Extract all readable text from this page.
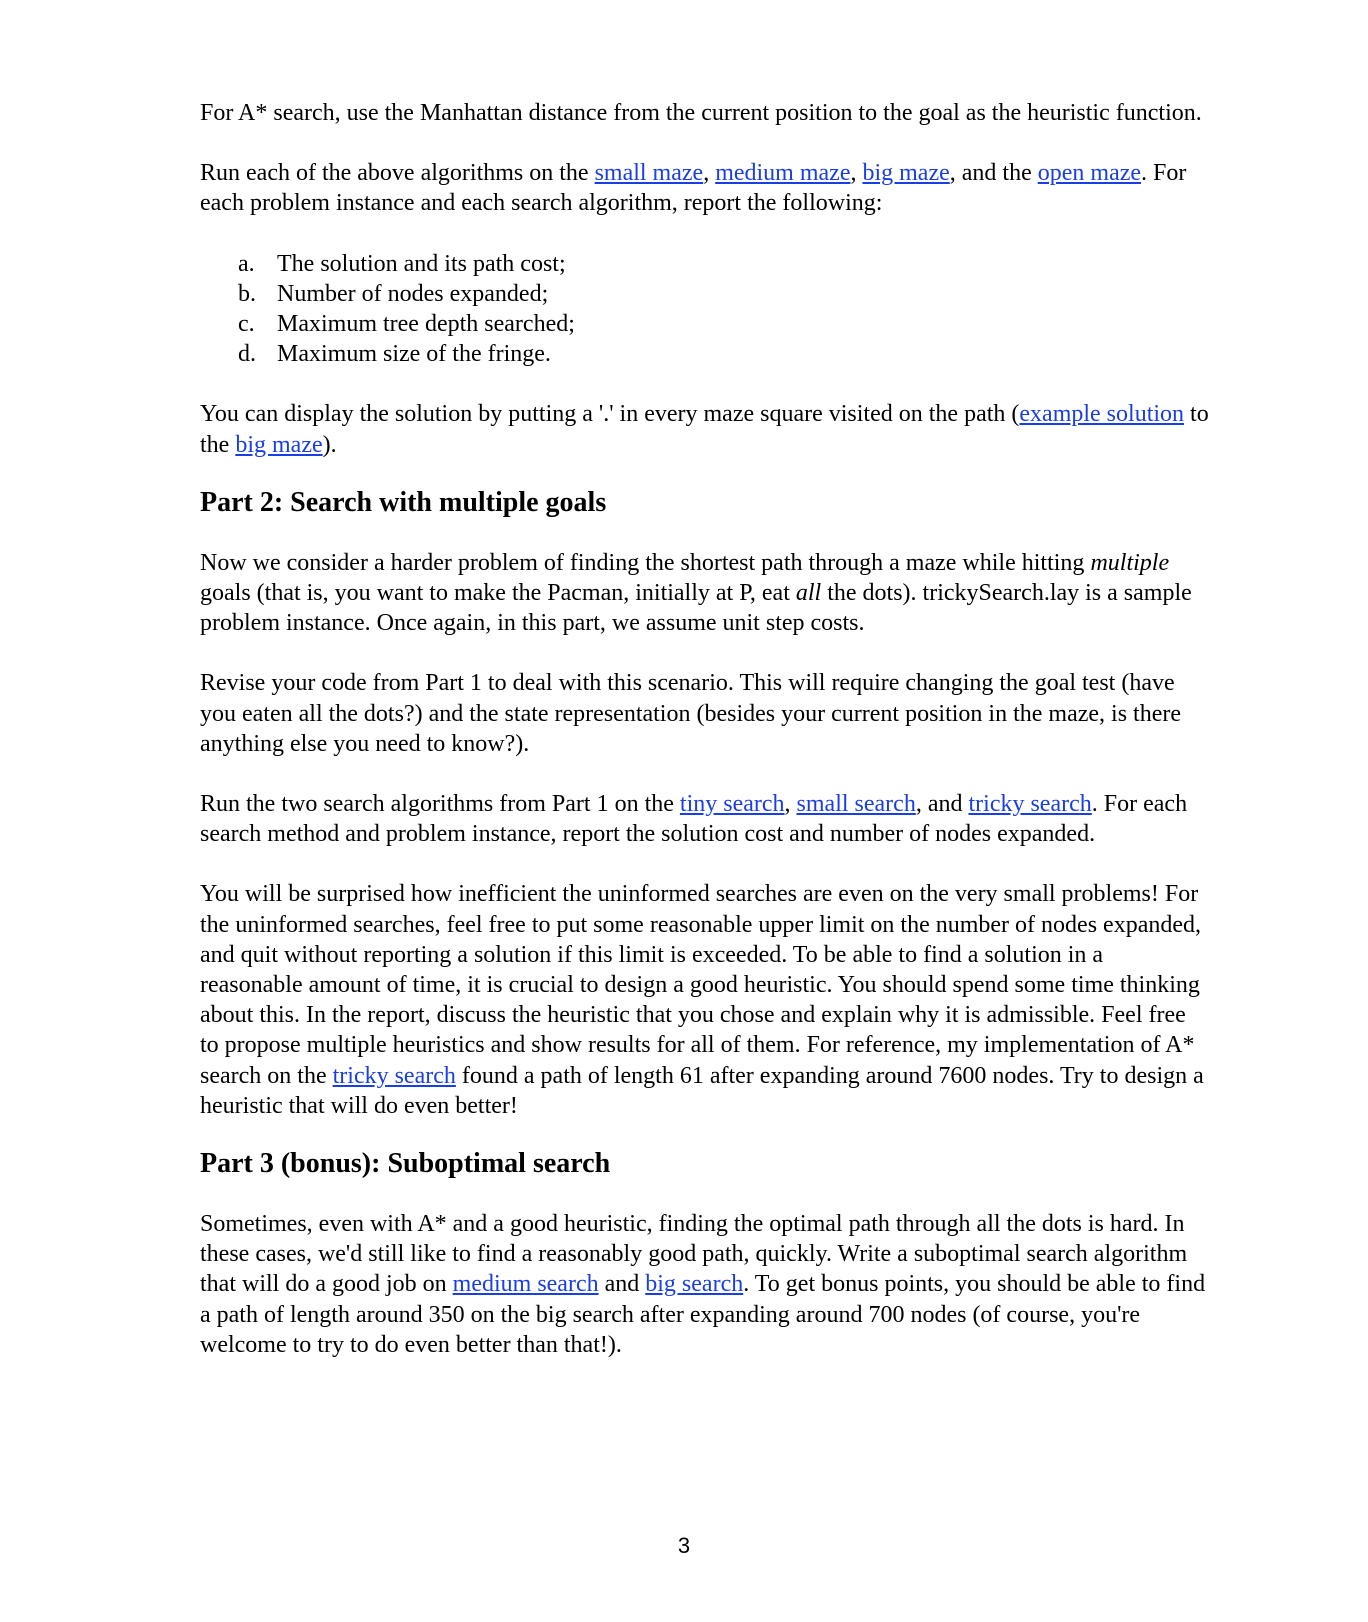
For A* search, use the Manhattan distance from the current position to the goal as the heuristic function.

Run each of the above algorithms on the small maze, medium maze, big maze, and the open maze. For each problem instance and each search algorithm, report the following:

a. The solution and its path cost;
b. Number of nodes expanded;
c. Maximum tree depth searched;
d. Maximum size of the fringe.

You can display the solution by putting a '.' in every maze square visited on the path (example solution to the big maze).

Part 2: Search with multiple goals

Now we consider a harder problem of finding the shortest path through a maze while hitting multiple goals (that is, you want to make the Pacman, initially at P, eat all the dots). trickySearch.lay is a sample problem instance. Once again, in this part, we assume unit step costs.

Revise your code from Part 1 to deal with this scenario. This will require changing the goal test (have you eaten all the dots?) and the state representation (besides your current position in the maze, is there anything else you need to know?).

Run the two search algorithms from Part 1 on the tiny search, small search, and tricky search. For each search method and problem instance, report the solution cost and number of nodes expanded.

You will be surprised how inefficient the uninformed searches are even on the very small problems! For the uninformed searches, feel free to put some reasonable upper limit on the number of nodes expanded, and quit without reporting a solution if this limit is exceeded. To be able to find a solution in a reasonable amount of time, it is crucial to design a good heuristic. You should spend some time thinking about this. In the report, discuss the heuristic that you chose and explain why it is admissible. Feel free to propose multiple heuristics and show results for all of them. For reference, my implementation of A* search on the tricky search found a path of length 61 after expanding around 7600 nodes. Try to design a heuristic that will do even better!

Part 3 (bonus): Suboptimal search

Sometimes, even with A* and a good heuristic, finding the optimal path through all the dots is hard. In these cases, we'd still like to find a reasonably good path, quickly. Write a suboptimal search algorithm that will do a good job on medium search and big search. To get bonus points, you should be able to find a path of length around 350 on the big search after expanding around 700 nodes (of course, you're welcome to try to do even better than that!).

3
